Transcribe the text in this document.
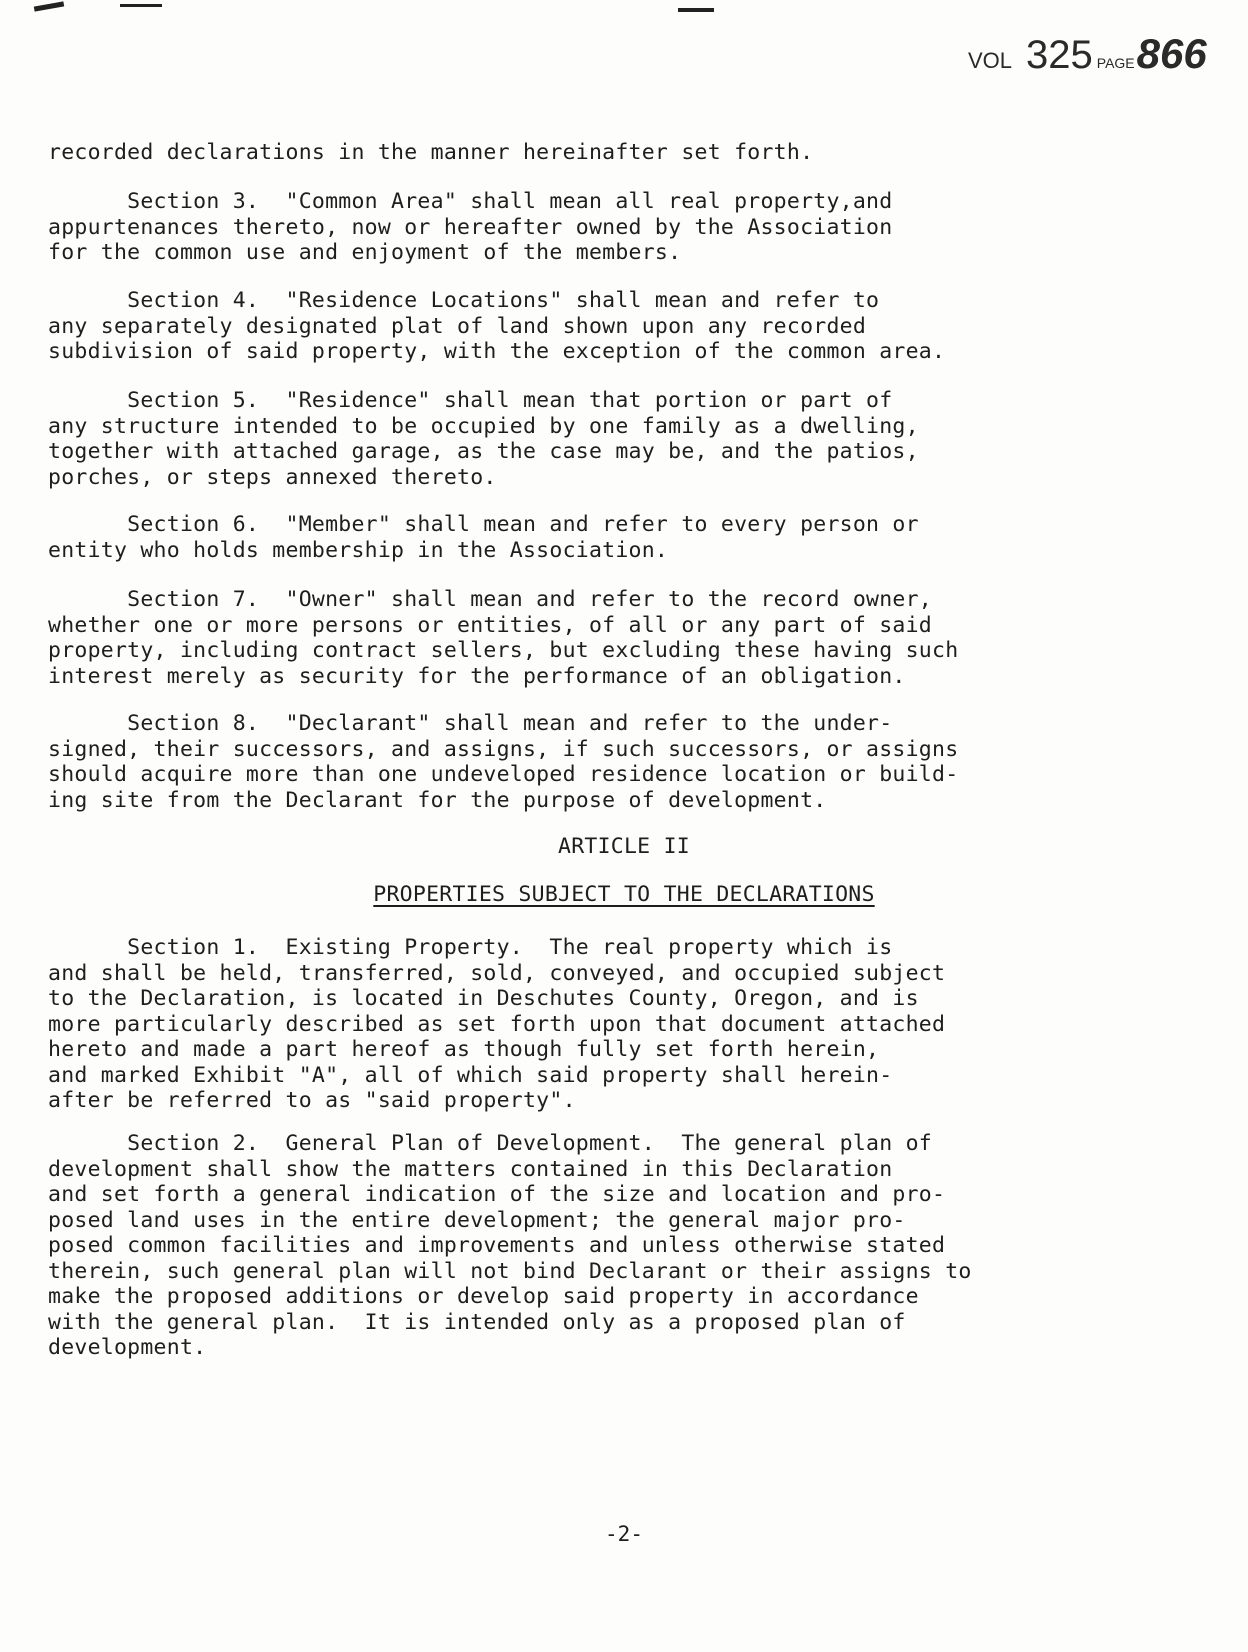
VOL 325 PAGE866

recorded declarations in the manner hereinafter set forth.

Section 3.  "Common Area" shall mean all real property,and
appurtenances thereto, now or hereafter owned by the Association
for the common use and enjoyment of the members.

Section 4.  "Residence Locations" shall mean and refer to
any separately designated plat of land shown upon any recorded
subdivision of said property, with the exception of the common area.

Section 5.  "Residence" shall mean that portion or part of
any structure intended to be occupied by one family as a dwelling,
together with attached garage, as the case may be, and the patios,
porches, or steps annexed thereto.

Section 6.  "Member" shall mean and refer to every person or
entity who holds membership in the Association.

Section 7.  "Owner" shall mean and refer to the record owner,
whether one or more persons or entities, of all or any part of said
property, including contract sellers, but excluding these having such
interest merely as security for the performance of an obligation.

Section 8.  "Declarant" shall mean and refer to the under-
signed, their successors, and assigns, if such successors, or assigns
should acquire more than one undeveloped residence location or build-
ing site from the Declarant for the purpose of development.

ARTICLE II

PROPERTIES SUBJECT TO THE DECLARATIONS

Section 1.  Existing Property.  The real property which is
and shall be held, transferred, sold, conveyed, and occupied subject
to the Declaration, is located in Deschutes County, Oregon, and is
more particularly described as set forth upon that document attached
hereto and made a part hereof as though fully set forth herein,
and marked Exhibit "A", all of which said property shall herein-
after be referred to as "said property".

Section 2.  General Plan of Development.  The general plan of
development shall show the matters contained in this Declaration
and set forth a general indication of the size and location and pro-
posed land uses in the entire development; the general major pro-
posed common facilities and improvements and unless otherwise stated
therein, such general plan will not bind Declarant or their assigns to
make the proposed additions or develop said property in accordance
with the general plan.  It is intended only as a proposed plan of
development.

-2-
